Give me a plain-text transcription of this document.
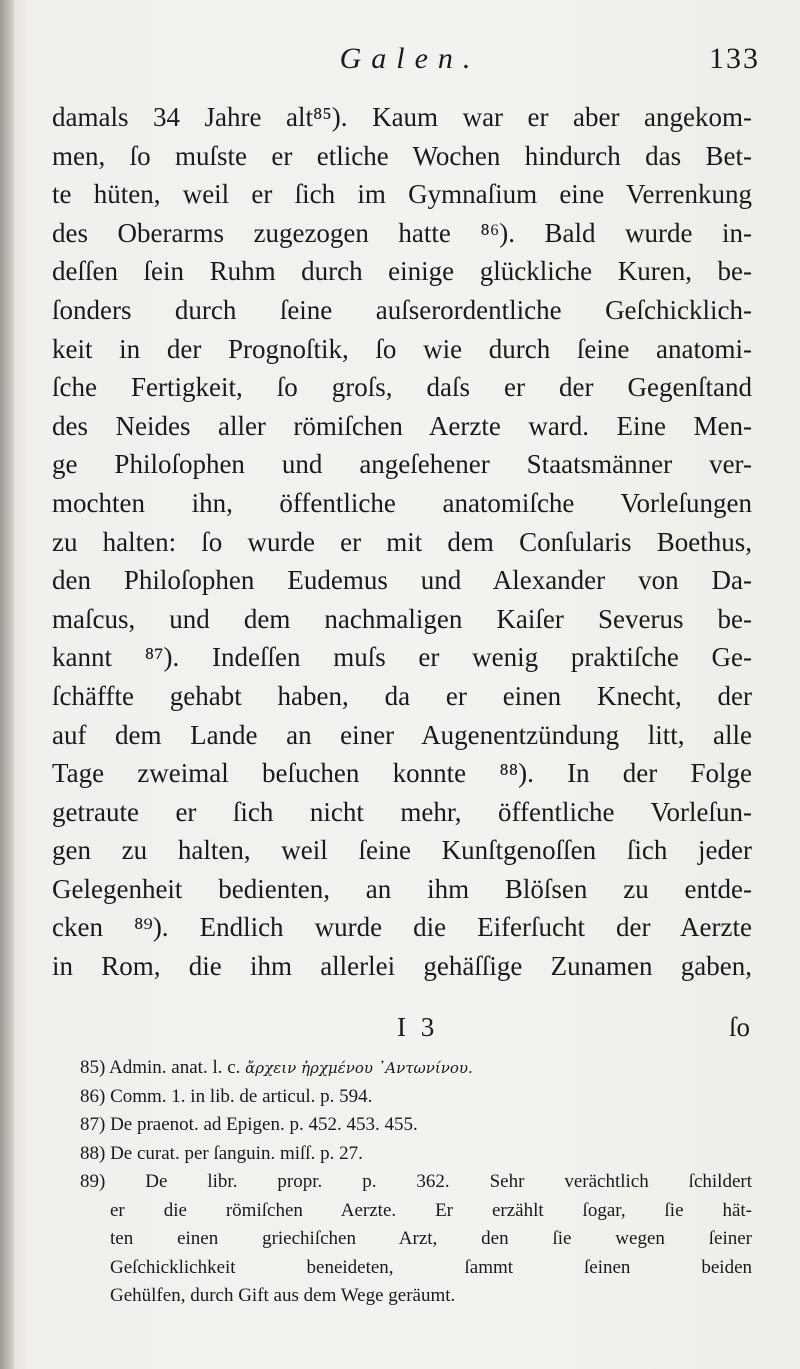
Galen.	133
damals 34 Jahre alt⁸⁵). Kaum war er aber angekom-
men, ſo muſste er etliche Wochen hindurch das Bet-
te hüten, weil er ſich im Gymnaſium eine Verrenkung
des Oberarms zugezogen hatte ⁸⁶). Bald wurde in-
deſſen ſein Ruhm durch einige glückliche Kuren, be-
ſonders durch ſeine auſserordentliche Geſchicklich-
keit in der Prognoſtik, ſo wie durch ſeine anatomi-
ſche Fertigkeit, ſo groſs, daſs er der Gegenſtand
des Neides aller römiſchen Aerzte ward. Eine Men-
ge Philoſophen und angeſehener Staatsmänner ver-
mochten ihn, öffentliche anatomiſche Vorleſungen
zu halten: ſo wurde er mit dem Conſularis Boethus,
den Philoſophen Eudemus und Alexander von Da-
maſcus, und dem nachmaligen Kaiſer Severus be-
kannt ⁸⁷). Indeſſen muſs er wenig praktiſche Ge-
ſchäffte gehabt haben, da er einen Knecht, der
auf dem Lande an einer Augenentzündung litt, alle
Tage zweimal beſuchen konnte ⁸⁸). In der Folge
getraute er ſich nicht mehr, öffentliche Vorleſun-
gen zu halten, weil ſeine Kunſtgenoſſen ſich jeder
Gelegenheit bedienten, an ihm Blöſsen zu entde-
cken ⁸⁹). Endlich wurde die Eiferſucht der Aerzte
in Rom, die ihm allerlei gehäſſige Zunamen gaben,
I 3	ſo
85) Admin. anat. l. c. ἄρχειν ἠρχμένου ᾿Αντωνίνου.
86) Comm. 1. in lib. de articul. p. 594.
87) De praenot. ad Epigen. p. 452. 453. 455.
88) De curat. per ſanguin. miſſ. p. 27.
89) De libr. propr. p. 362. Sehr verächtlich ſchildert
er die römiſchen Aerzte. Er erzählt ſogar, ſie hät-
ten einen griechiſchen Arzt, den ſie wegen ſeiner
Geſchicklichkeit beneideten, ſammt ſeinen beiden
Gehülfen, durch Gift aus dem Wege geräumt.
